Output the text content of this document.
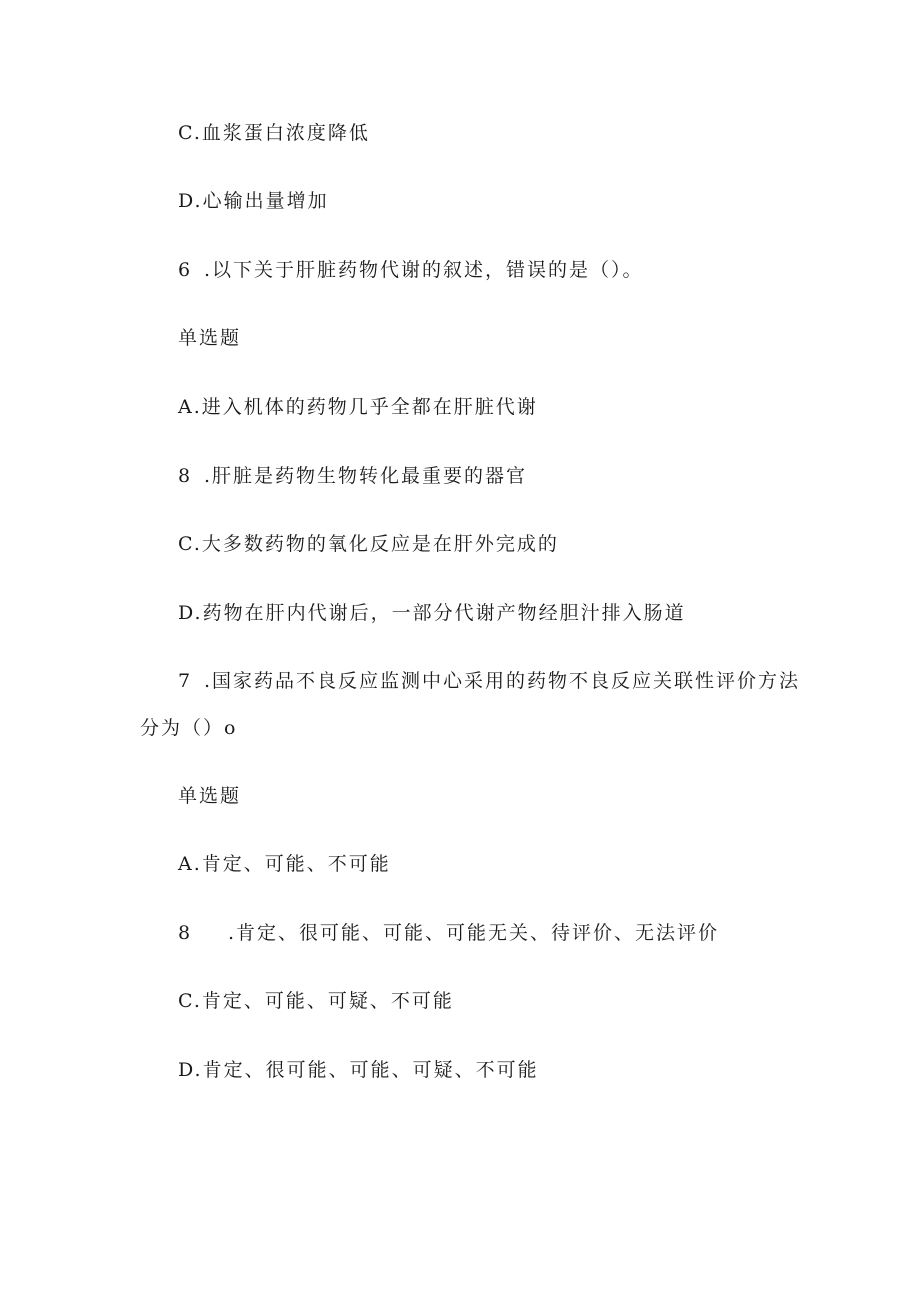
C.血浆蛋白浓度降低
D.心输出量增加
6 .以下关于肝脏药物代谢的叙述，错误的是（）。
单选题
A.进入机体的药物几乎全都在肝脏代谢
8 .肝脏是药物生物转化最重要的器官
C.大多数药物的氧化反应是在肝外完成的
D.药物在肝内代谢后，一部分代谢产物经胆汁排入肠道
7 .国家药品不良反应监测中心采用的药物不良反应关联性评价方法
分为（）o
单选题
A.肯定、可能、不可能
8 .肯定、很可能、可能、可能无关、待评价、无法评价
C.肯定、可能、可疑、不可能
D.肯定、很可能、可能、可疑、不可能
